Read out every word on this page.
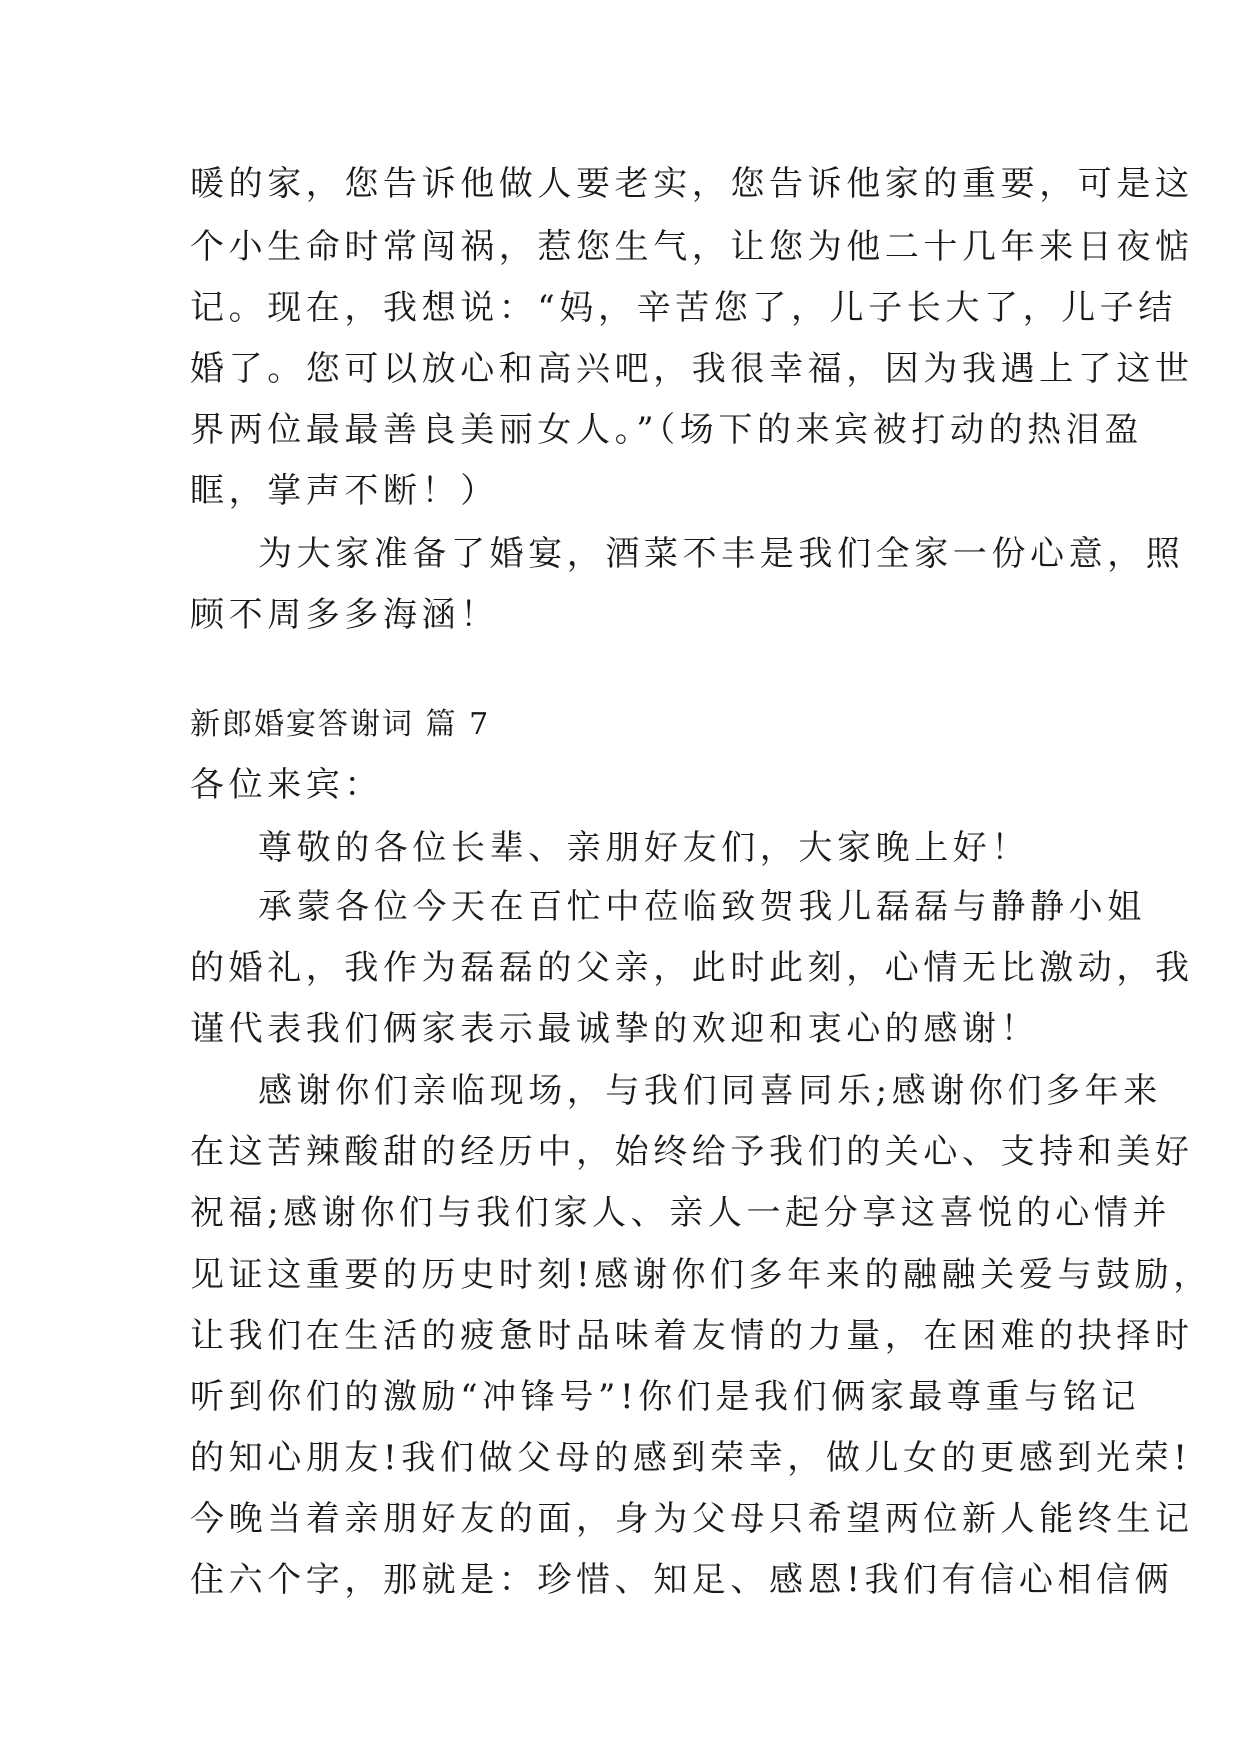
暖的家，您告诉他做人要老实，您告诉他家的重要，可是这
个小生命时常闯祸，惹您生气，让您为他二十几年来日夜惦
记。现在，我想说：“妈，辛苦您了，儿子长大了，儿子结
婚了。您可以放心和高兴吧，我很幸福，因为我遇上了这世
界两位最最善良美丽女人。”（场下的来宾被打动的热泪盈
眶，掌声不断！）
为大家准备了婚宴，酒菜不丰是我们全家一份心意，照
顾不周多多海涵！
新郎婚宴答谢词 篇 7
各位来宾：
尊敬的各位长辈、亲朋好友们，大家晚上好！
承蒙各位今天在百忙中莅临致贺我儿磊磊与静静小姐
的婚礼，我作为磊磊的父亲，此时此刻，心情无比激动，我
谨代表我们俩家表示最诚挚的欢迎和衷心的感谢！
感谢你们亲临现场，与我们同喜同乐;感谢你们多年来
在这苦辣酸甜的经历中，始终给予我们的关心、支持和美好
祝福;感谢你们与我们家人、亲人一起分享这喜悦的心情并
见证这重要的历史时刻!感谢你们多年来的融融关爱与鼓励，
让我们在生活的疲惫时品味着友情的力量，在困难的抉择时
听到你们的激励“冲锋号”!你们是我们俩家最尊重与铭记
的知心朋友!我们做父母的感到荣幸，做儿女的更感到光荣!
今晚当着亲朋好友的面，身为父母只希望两位新人能终生记
住六个字，那就是：珍惜、知足、感恩!我们有信心相信俩
